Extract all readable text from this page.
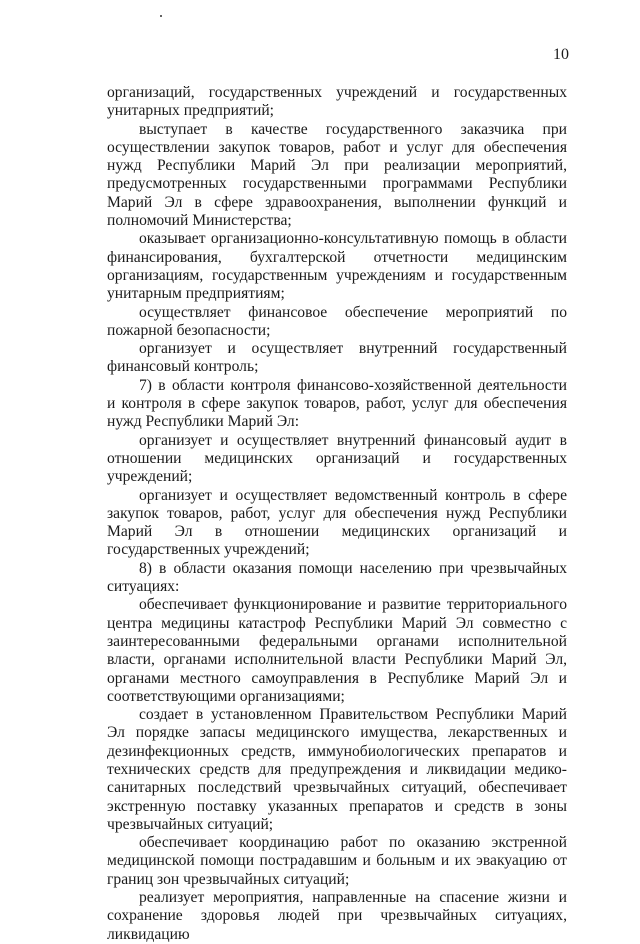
10

организаций, государственных учреждений и государственных унитарных предприятий;

выступает в качестве государственного заказчика при осуществлении закупок товаров, работ и услуг для обеспечения нужд Республики Марий Эл при реализации мероприятий, предусмотренных государственными программами Республики Марий Эл в сфере здравоохранения, выполнении функций и полномочий Министерства;

оказывает организационно-консультативную помощь в области финансирования, бухгалтерской отчетности медицинским организациям, государственным учреждениям и государственным унитарным предприятиям;

осуществляет финансовое обеспечение мероприятий по пожарной безопасности;

организует и осуществляет внутренний государственный финансовый контроль;

7) в области контроля финансово-хозяйственной деятельности и контроля в сфере закупок товаров, работ, услуг для обеспечения нужд Республики Марий Эл:

организует и осуществляет внутренний финансовый аудит в отношении медицинских организаций и государственных учреждений;

организует и осуществляет ведомственный контроль в сфере закупок товаров, работ, услуг для обеспечения нужд Республики Марий Эл в отношении медицинских организаций и государственных учреждений;

8) в области оказания помощи населению при чрезвычайных ситуациях:

обеспечивает функционирование и развитие территориального центра медицины катастроф Республики Марий Эл совместно с заинтересованными федеральными органами исполнительной власти, органами исполнительной власти Республики Марий Эл, органами местного самоуправления в Республике Марий Эл и соответствующими организациями;

создает в установленном Правительством Республики Марий Эл порядке запасы медицинского имущества, лекарственных и дезинфекционных средств, иммунобиологических препаратов и технических средств для предупреждения и ликвидации медико-санитарных последствий чрезвычайных ситуаций, обеспечивает экстренную поставку указанных препаратов и средств в зоны чрезвычайных ситуаций;

обеспечивает координацию работ по оказанию экстренной медицинской помощи пострадавшим и больным и их эвакуацию от границ зон чрезвычайных ситуаций;

реализует мероприятия, направленные на спасение жизни и сохранение здоровья людей при чрезвычайных ситуациях, ликвидацию
